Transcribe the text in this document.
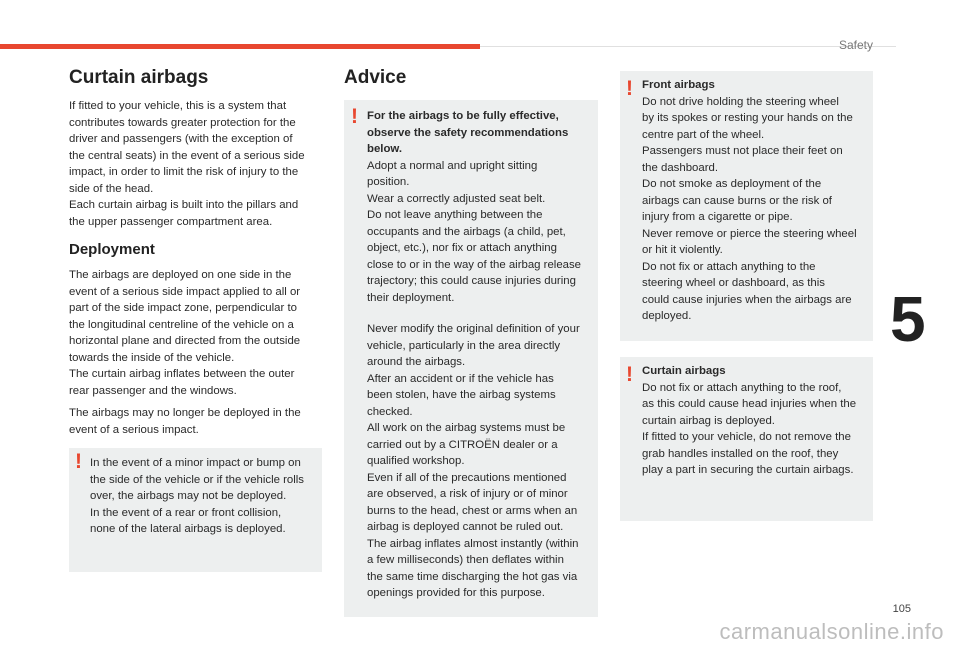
Safety
Curtain airbags

If fitted to your vehicle, this is a system that
contributes towards greater protection for the
driver and passengers (with the exception of
the central seats) in the event of a serious side
impact, in order to limit the risk of injury to the
side of the head.
Each curtain airbag is built into the pillars and
the upper passenger compartment area.

Deployment

The airbags are deployed on one side in the
event of a serious side impact applied to all or
part of the side impact zone, perpendicular to
the longitudinal centreline of the vehicle on a
horizontal plane and directed from the outside
towards the inside of the vehicle.
The curtain airbag inflates between the outer
rear passenger and the windows.

The airbags may no longer be deployed in the
event of a serious impact.

! In the event of a minor impact or bump on
the side of the vehicle or if the vehicle rolls
over, the airbags may not be deployed.
In the event of a rear or front collision,
none of the lateral airbags is deployed.

Advice
! For the airbags to be fully effective,
observe the safety recommendations
below.

Adopt a normal and upright sitting
position.
Wear a correctly adjusted seat belt.
Do not leave anything between the
occupants and the airbags (a child, pet,
object, etc.), nor fix or attach anything
close to or in the way of the airbag release
trajectory; this could cause injuries during
their deployment.

Never modify the original definition of your
vehicle, particularly in the area directly
around the airbags.
After an accident or if the vehicle has
been stolen, have the airbag systems
checked.
All work on the airbag systems must be
carried out by a CITROËN dealer or a
qualified workshop.
Even if all of the precautions mentioned
are observed, a risk of injury or of minor
burns to the head, chest or arms when an
airbag is deployed cannot be ruled out.
The airbag inflates almost instantly (within
a few milliseconds) then deflates within
the same time discharging the hot gas via
openings provided for this purpose.

! Front airbags

Do not drive holding the steering wheel
by its spokes or resting your hands on the
centre part of the wheel.
Passengers must not place their feet on
the dashboard.
Do not smoke as deployment of the
airbags can cause burns or the risk of
injury from a cigarette or pipe.
Never remove or pierce the steering wheel
or hit it violently.
Do not fix or attach anything to the
steering wheel or dashboard, as this
could cause injuries when the airbags are
deployed.

! Curtain airbags

Do not fix or attach anything to the roof,
as this could cause head injuries when the
curtain airbag is deployed.
If fitted to your vehicle, do not remove the
grab handles installed on the roof, they
play a part in securing the curtain airbags.

5
105
carmanualsonline.info
